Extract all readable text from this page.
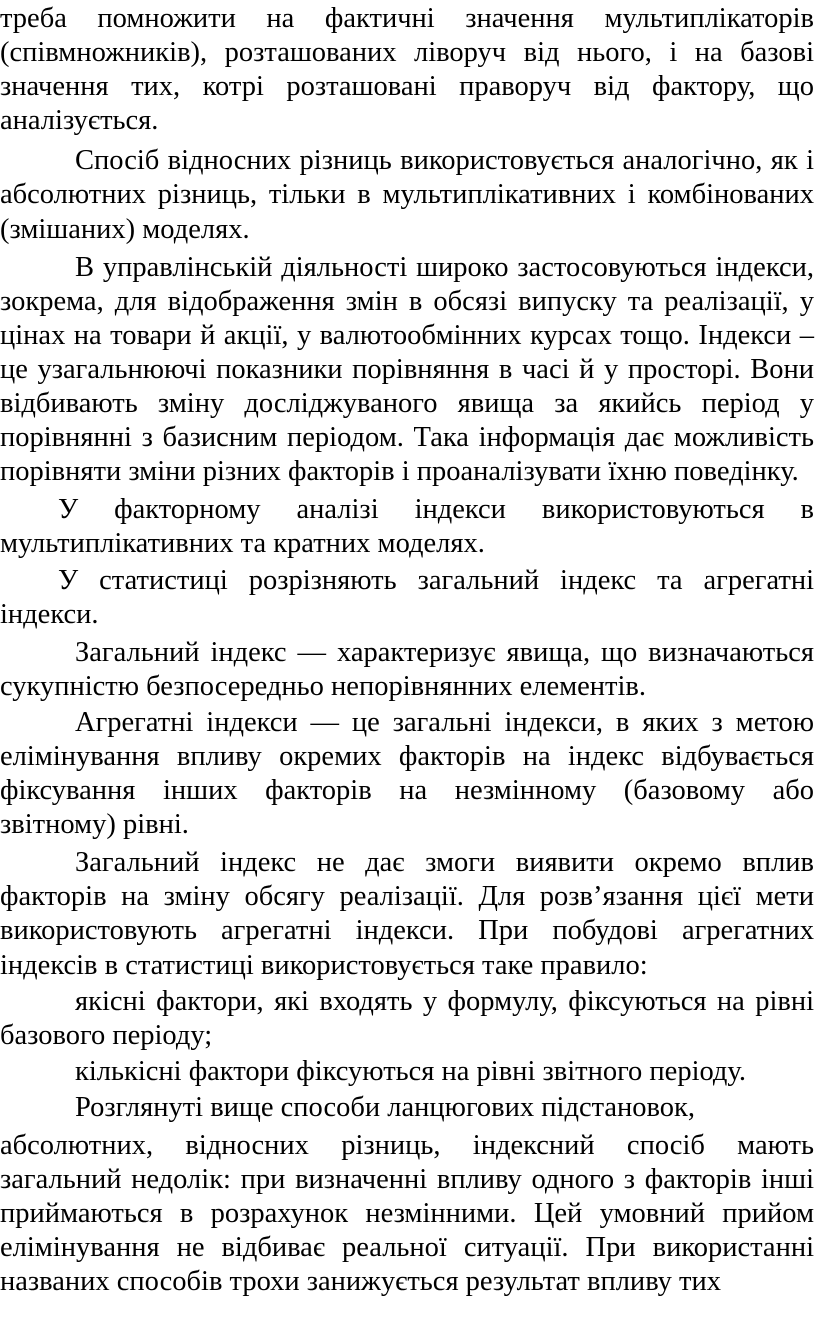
треба помножити на фактичні значення мультиплікаторів (співмножників), розташованих ліворуч від нього, і на базові значення тих, котрі розташовані праворуч від фактору, що аналізується.

Спосіб відносних різниць використовується аналогічно, як і абсолютних різниць, тільки в мультиплікативних і комбінованих (змішаних) моделях.

В управлінській діяльності широко застосовуються індекси, зокрема, для відображення змін в обсязі випуску та реалізації, у цінах на товари й акції, у валютообмінних курсах тощо. Індекси – це узагальнюючі показники порівняння в часі й у просторі. Вони відбивають зміну досліджуваного явища за якийсь період у порівнянні з базисним періодом. Така інформація дає можливість порівняти зміни різних факторів і проаналізувати їхню поведінку.

У факторному аналізі індекси використовуються в мультиплікативних та кратних моделях.

У статистиці розрізняють загальний індекс та агрегатні індекси.

Загальний індекс — характеризує явища, що визначаються сукупністю безпосередньо непорівнянних елементів.

Агрегатні індекси — це загальні індекси, в яких з метою елімінування впливу окремих факторів на індекс відбувається фіксування інших факторів на незмінному (базовому або звітному) рівні.

Загальний індекс не дає змоги виявити окремо вплив факторів на зміну обсягу реалізації. Для розв’язання цієї мети використовують агрегатні індекси. При побудові агрегатних індексів в статистиці використовується таке правило:

якісні фактори, які входять у формулу, фіксуються на рівні базового періоду;

кількісні фактори фіксуються на рівні звітного періоду.

Розглянуті вище способи ланцюгових підстановок,

абсолютних, відносних різниць, індексний спосіб мають загальний недолік: при визначенні впливу одного з факторів інші приймаються в розрахунок незмінними. Цей умовний прийом елімінування не відбиває реальної ситуації. При використанні названих способів трохи занижується результат впливу тих
